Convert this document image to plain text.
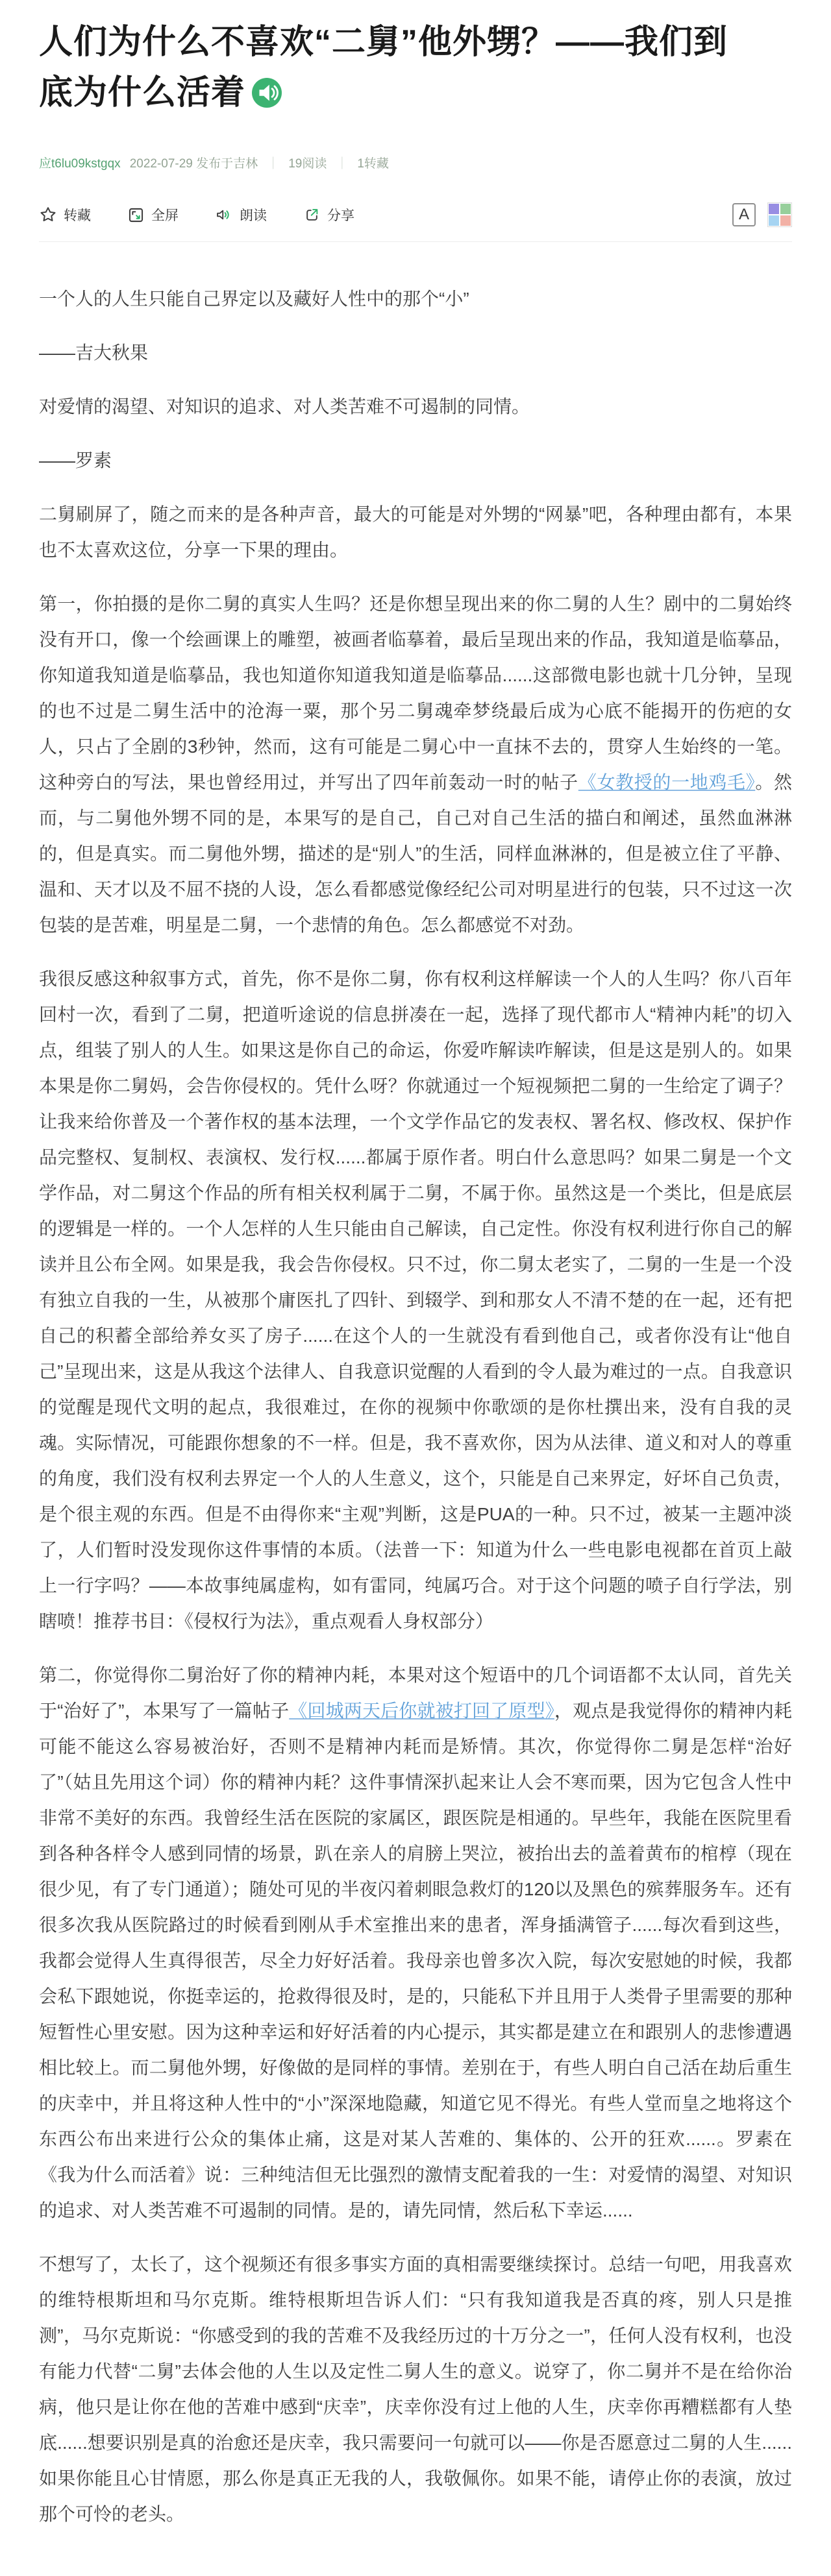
人们为什么不喜欢“二舅”他外甥？——我们到底为什么活着
应t6lu09kstgqx 2022-07-29 发布于吉林 ｜ 19阅读 ｜ 1转藏
转藏	全屏	朗读	分享	A

一个人的人生只能自己界定以及藏好人性中的那个“小”

——吉大秋果

对爱情的渴望、对知识的追求、对人类苦难不可遏制的同情。

——罗素

二舅刷屏了，随之而来的是各种声音，最大的可能是对外甥的“网暴”吧，各种理由都有，本果也不太喜欢这位，分享一下果的理由。

第一，你拍摄的是你二舅的真实人生吗？还是你想呈现出来的你二舅的人生？剧中的二舅始终没有开口，像一个绘画课上的雕塑，被画者临摹着，最后呈现出来的作品，我知道是临摹品，你知道我知道是临摹品，我也知道你知道我知道是临摹品......这部微电影也就十几分钟，呈现的也不过是二舅生活中的沧海一粟，那个另二舅魂牵梦绕最后成为心底不能揭开的伤疤的女人，只占了全剧的3秒钟，然而，这有可能是二舅心中一直抹不去的，贯穿人生始终的一笔。这种旁白的写法，果也曾经用过，并写出了四年前轰动一时的帖子《女教授的一地鸡毛》。然而，与二舅他外甥不同的是，本果写的是自己，自己对自己生活的描白和阐述，虽然血淋淋的，但是真实。而二舅他外甥，描述的是“别人”的生活，同样血淋淋的，但是被立住了平静、温和、天才以及不屈不挠的人设，怎么看都感觉像经纪公司对明星进行的包装，只不过这一次包装的是苦难，明星是二舅，一个悲情的角色。怎么都感觉不对劲。

我很反感这种叙事方式，首先，你不是你二舅，你有权利这样解读一个人的人生吗？你八百年回村一次，看到了二舅，把道听途说的信息拼凑在一起，选择了现代都市人“精神内耗”的切入点，组装了别人的人生。如果这是你自己的命运，你爱咋解读咋解读，但是这是别人的。如果本果是你二舅妈，会告你侵权的。凭什么呀？你就通过一个短视频把二舅的一生给定了调子？让我来给你普及一个著作权的基本法理，一个文学作品它的发表权、署名权、修改权、保护作品完整权、复制权、表演权、发行权......都属于原作者。明白什么意思吗？如果二舅是一个文学作品，对二舅这个作品的所有相关权利属于二舅，不属于你。虽然这是一个类比，但是底层的逻辑是一样的。一个人怎样的人生只能由自己解读，自己定性。你没有权利进行你自己的解读并且公布全网。如果是我，我会告你侵权。只不过，你二舅太老实了，二舅的一生是一个没有独立自我的一生，从被那个庸医扎了四针、到辍学、到和那女人不清不楚的在一起，还有把自己的积蓄全部给养女买了房子......在这个人的一生就没有看到他自己，或者你没有让“他自己”呈现出来，这是从我这个法律人、自我意识觉醒的人看到的令人最为难过的一点。自我意识的觉醒是现代文明的起点，我很难过，在你的视频中你歌颂的是你杜撰出来，没有自我的灵魂。实际情况，可能跟你想象的不一样。但是，我不喜欢你，因为从法律、道义和对人的尊重的角度，我们没有权利去界定一个人的人生意义，这个，只能是自己来界定，好坏自己负责，是个很主观的东西。但是不由得你来“主观”判断，这是PUA的一种。只不过，被某一主题冲淡了，人们暂时没发现你这件事情的本质。（法普一下：知道为什么一些电影电视都在首页上敲上一行字吗？——本故事纯属虚构，如有雷同，纯属巧合。对于这个问题的喷子自行学法，别瞎喷！推荐书目：《侵权行为法》，重点观看人身权部分）

第二，你觉得你二舅治好了你的精神内耗，本果对这个短语中的几个词语都不太认同，首先关于“治好了”，本果写了一篇帖子《回城两天后你就被打回了原型》，观点是我觉得你的精神内耗可能不能这么容易被治好，否则不是精神内耗而是矫情。其次，你觉得你二舅是怎样“治好了”（姑且先用这个词）你的精神内耗？这件事情深扒起来让人会不寒而栗，因为它包含人性中非常不美好的东西。我曾经生活在医院的家属区，跟医院是相通的。早些年，我能在医院里看到各种各样令人感到同情的场景，趴在亲人的肩膀上哭泣，被抬出去的盖着黄布的棺椁（现在很少见，有了专门通道）；随处可见的半夜闪着刺眼急救灯的120以及黑色的殡葬服务车。还有很多次我从医院路过的时候看到刚从手术室推出来的患者，浑身插满管子......每次看到这些，我都会觉得人生真得很苦，尽全力好好活着。我母亲也曾多次入院，每次安慰她的时候，我都会私下跟她说，你挺幸运的，抢救得很及时，是的，只能私下并且用于人类骨子里需要的那种短暂性心里安慰。因为这种幸运和好好活着的内心提示，其实都是建立在和跟别人的悲惨遭遇相比较上。而二舅他外甥，好像做的是同样的事情。差别在于，有些人明白自己活在劫后重生的庆幸中，并且将这种人性中的“小”深深地隐藏，知道它见不得光。有些人堂而皇之地将这个东西公布出来进行公众的集体止痛，这是对某人苦难的、集体的、公开的狂欢......。罗素在《我为什么而活着》说：三种纯洁但无比强烈的激情支配着我的一生：对爱情的渴望、对知识的追求、对人类苦难不可遏制的同情。是的，请先同情，然后私下幸运......

不想写了，太长了，这个视频还有很多事实方面的真相需要继续探讨。总结一句吧，用我喜欢的维特根斯坦和马尔克斯。维特根斯坦告诉人们：“只有我知道我是否真的疼，别人只是推测”，马尔克斯说：“你感受到的我的苦难不及我经历过的十万分之一”，任何人没有权利，也没有能力代替“二舅”去体会他的人生以及定性二舅人生的意义。说穿了，你二舅并不是在给你治病，他只是让你在他的苦难中感到“庆幸”，庆幸你没有过上他的人生，庆幸你再糟糕都有人垫底......想要识别是真的治愈还是庆幸，我只需要问一句就可以——你是否愿意过二舅的人生......如果你能且心甘情愿，那么你是真正无我的人，我敬佩你。如果不能，请停止你的表演，放过那个可怜的老头。
